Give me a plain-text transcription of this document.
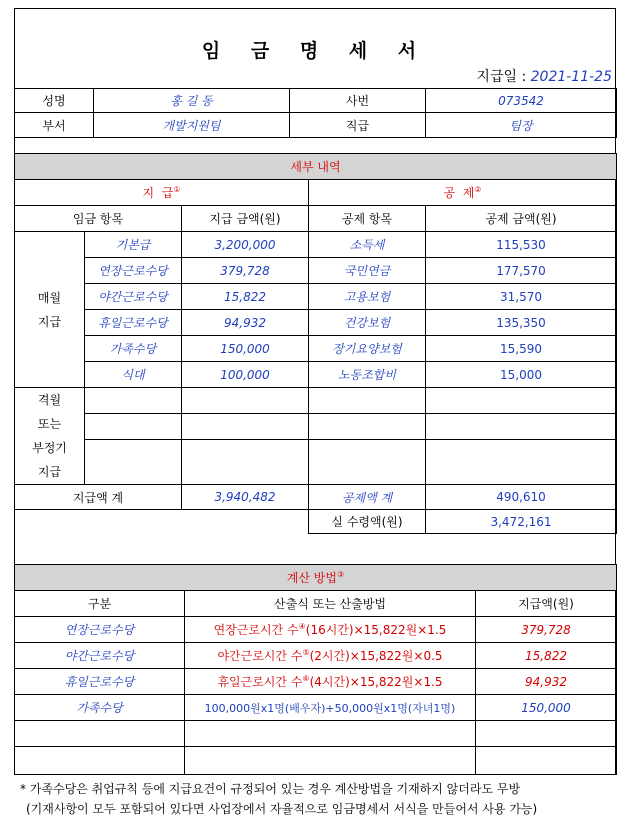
임 금 명 세 서
지급일 : 2021-11-25
성명	홍 길 동	사번	073542
부서	개발지원팀	직급	팀장
세부 내역				
지  급①			공  제②
임금 항목		지급 금액(원)	공제 항목	공제 금액(원)
매월
지급	기본급	3,200,000	소득세	115,530
	연장근로수당	379,728	국민연금	177,570
	야간근로수당	15,822	고용보험	31,570
	휴일근로수당	94,932	건강보험	135,350
	가족수당	150,000	장기요양보험	15,590
	식대	100,000	노동조합비	15,000
격월
또는
부정기
지급				

지급액 계		3,940,482	공제액 계	490,610
			실 수령액(원)	3,472,161
계산 방법③
구분	산출식 또는 산출방법	지급액(원)
연장근로수당	연장근로시간 수④(16시간)×15,822원×1.5	379,728
야간근로수당	야간근로시간 수⑤(2시간)×15,822원×0.5	15,822
휴일근로수당	휴일근로시간 수⑥(4시간)×15,822원×1.5	94,932
가족수당	100,000원x1명(배우자)+50,000원x1명(자녀1명)	150,000

* 가족수당은 취업규칙 등에 지급요건이 규정되어 있는 경우 계산방법을 기재하지 않더라도 무방
(기재사항이 모두 포함되어 있다면 사업장에서 자율적으로 임금명세서 서식을 만들어서 사용 가능)
